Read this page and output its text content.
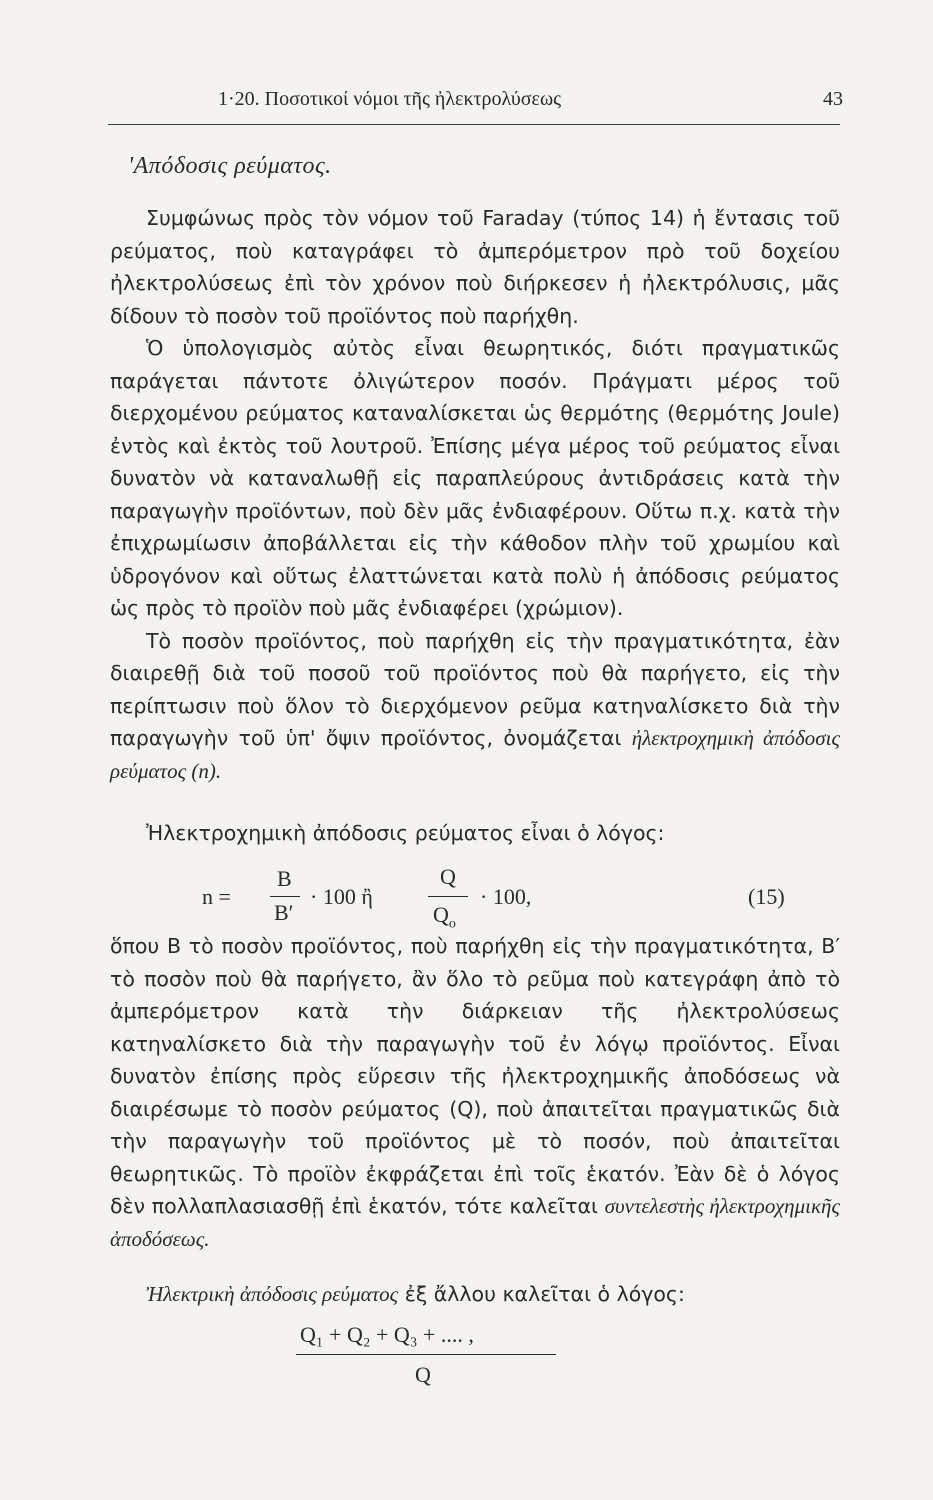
1·20. Ποσοτικοί νόμοι τῆς ἠλεκτρολύσεως	43
'Απόδοσις ρεύματος.

Συμφώνως πρὸς τὸν νόμον τοῦ Faraday (τύπος 14) ἡ ἔντασις τοῦ ρεύματος, ποὺ καταγράφει τὸ ἀμπερόμετρον πρὸ τοῦ δοχείου ἠλεκτρολύσεως ἐπὶ τὸν χρόνον ποὺ διήρκεσεν ἡ ἠλεκτρόλυσις, μᾶς δίδουν τὸ ποσὸν τοῦ προϊόντος ποὺ παρήχθη.

Ὁ ὑπολογισμὸς αὐτὸς εἶναι θεωρητικός, διότι πραγματικῶς παράγεται πάντοτε ὀλιγώτερον ποσόν. Πράγματι μέρος τοῦ διερχομένου ρεύματος καταναλίσκεται ὡς θερμότης (θερμότης Joule) ἐντὸς καὶ ἐκτὸς τοῦ λουτροῦ. Ἐπίσης μέγα μέρος τοῦ ρεύματος εἶναι δυνατὸν νὰ καταναλωθῇ εἰς παραπλεύρους ἀντιδράσεις κατὰ τὴν παραγωγὴν προϊόντων, ποὺ δὲν μᾶς ἐνδιαφέρουν. Οὕτω π.χ. κατὰ τὴν ἐπιχρωμίωσιν ἀποβάλλεται εἰς τὴν κάθοδον πλὴν τοῦ χρωμίου καὶ ὑδρογόνον καὶ οὕτως ἐλαττώνεται κατὰ πολὺ ἡ ἀπόδοσις ρεύματος ὡς πρὸς τὸ προϊὸν ποὺ μᾶς ἐνδιαφέρει (χρώμιον).

Τὸ ποσὸν προϊόντος, ποὺ παρήχθη εἰς τὴν πραγματικότητα, ἐὰν διαιρεθῇ διὰ τοῦ ποσοῦ τοῦ προϊόντος ποὺ θὰ παρήγετο, εἰς τὴν περίπτωσιν ποὺ ὅλον τὸ διερχόμενον ρεῦμα κατηναλίσκετο διὰ τὴν παραγωγὴν τοῦ ὑπ' ὄψιν προϊόντος, ὀνομάζεται ἠλεκτροχημικὴ ἀπόδοσις ρεύματος (n).

Ἠλεκτροχημικὴ ἀπόδοσις ρεύματος εἶναι ὁ λόγος:

n =
B
B′
· 100 ἢ
Q
$Q_o$
· 100,	(15)

ὅπου B τὸ ποσὸν προϊόντος, ποὺ παρήχθη εἰς τὴν πραγματικότητα, B′ τὸ ποσὸν ποὺ θὰ παρήγετο, ἂν ὅλο τὸ ρεῦμα ποὺ κατεγράφη ἀπὸ τὸ ἀμπερόμετρον κατὰ τὴν διάρκειαν τῆς ἠλεκτρολύσεως κατηναλίσκετο διὰ τὴν παραγωγὴν τοῦ ἐν λόγῳ προϊόντος. Εἶναι δυνατὸν ἐπίσης πρὸς εὕρεσιν τῆς ἠλεκτροχημικῆς ἀποδόσεως νὰ διαιρέσωμε τὸ ποσὸν ρεύματος (Q), ποὺ ἀπαιτεῖται πραγματικῶς διὰ τὴν παραγωγὴν τοῦ προϊόντος μὲ τὸ ποσόν, ποὺ ἀπαιτεῖται θεωρητικῶς. Τὸ προϊὸν ἐκφράζεται ἐπὶ τοῖς ἑκατόν. Ἐὰν δὲ ὁ λόγος δὲν πολλαπλασιασθῇ ἐπὶ ἑκατόν, τότε καλεῖται συντελεστὴς ἠλεκτροχημικῆς ἀποδόσεως.

Ἠλεκτρικὴ ἀπόδοσις ρεύματος ἐξ ἄλλου καλεῖται ὁ λόγος:

Q₁ + Q₂ + Q₃ + .... ,
Q
